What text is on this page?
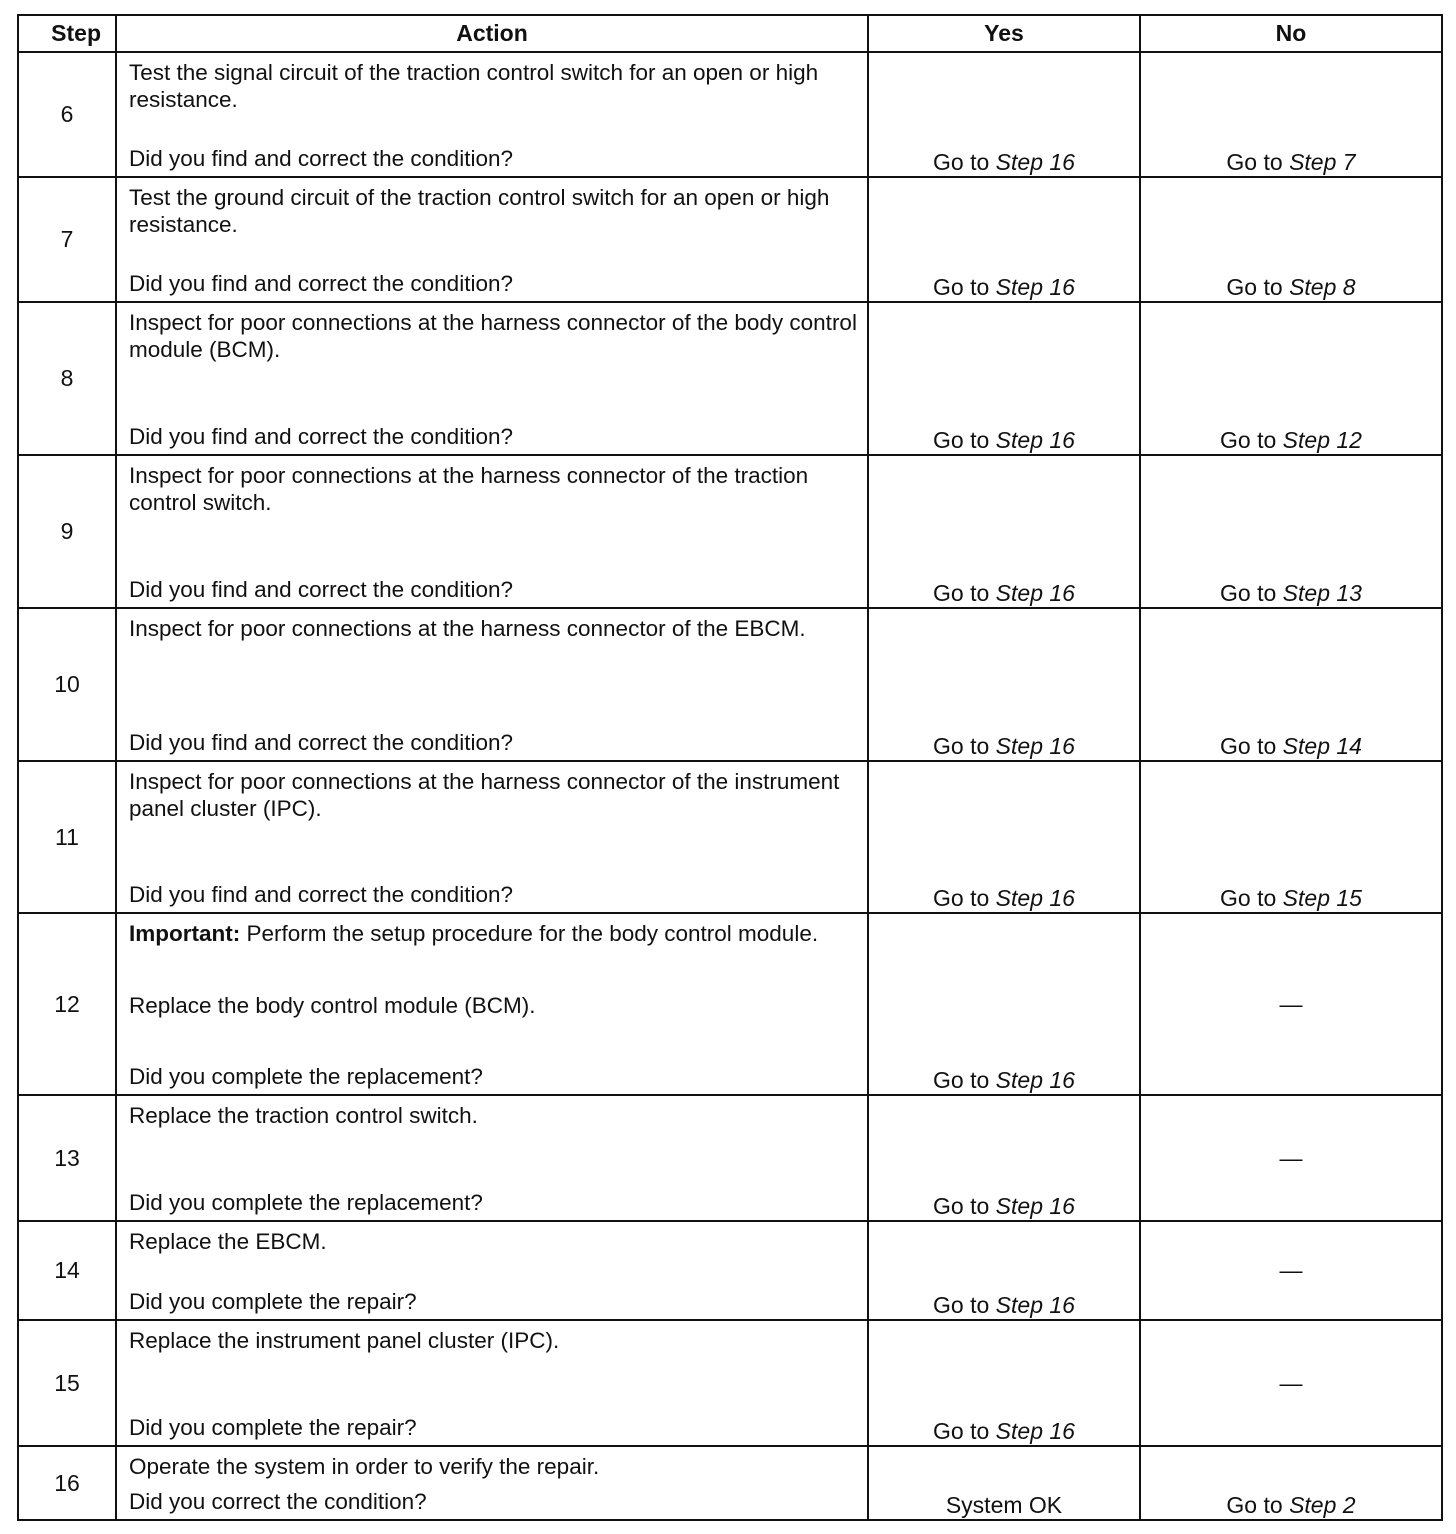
Step	Action	Yes	No
6	Test the signal circuit of the traction control switch for an open or high resistance.

Did you find and correct the condition?	Go to Step 16	Go to Step 7
7	Test the ground circuit of the traction control switch for an open or high resistance.

Did you find and correct the condition?	Go to Step 16	Go to Step 8
8	Inspect for poor connections at the harness connector of the body control module (BCM).

Did you find and correct the condition?	Go to Step 16	Go to Step 12
9	Inspect for poor connections at the harness connector of the traction control switch.

Did you find and correct the condition?	Go to Step 16	Go to Step 13
10	Inspect for poor connections at the harness connector of the EBCM.

Did you find and correct the condition?	Go to Step 16	Go to Step 14
11	Inspect for poor connections at the harness connector of the instrument panel cluster (IPC).

Did you find and correct the condition?	Go to Step 16	Go to Step 15
12	Important: Perform the setup procedure for the body control module.

Replace the body control module (BCM).

Did you complete the replacement?	Go to Step 16	—
13	Replace the traction control switch.

Did you complete the replacement?	Go to Step 16	—
14	Replace the EBCM.

Did you complete the repair?	Go to Step 16	—
15	Replace the instrument panel cluster (IPC).

Did you complete the repair?	Go to Step 16	—
16	Operate the system in order to verify the repair.

Did you correct the condition?	System OK	Go to Step 2
